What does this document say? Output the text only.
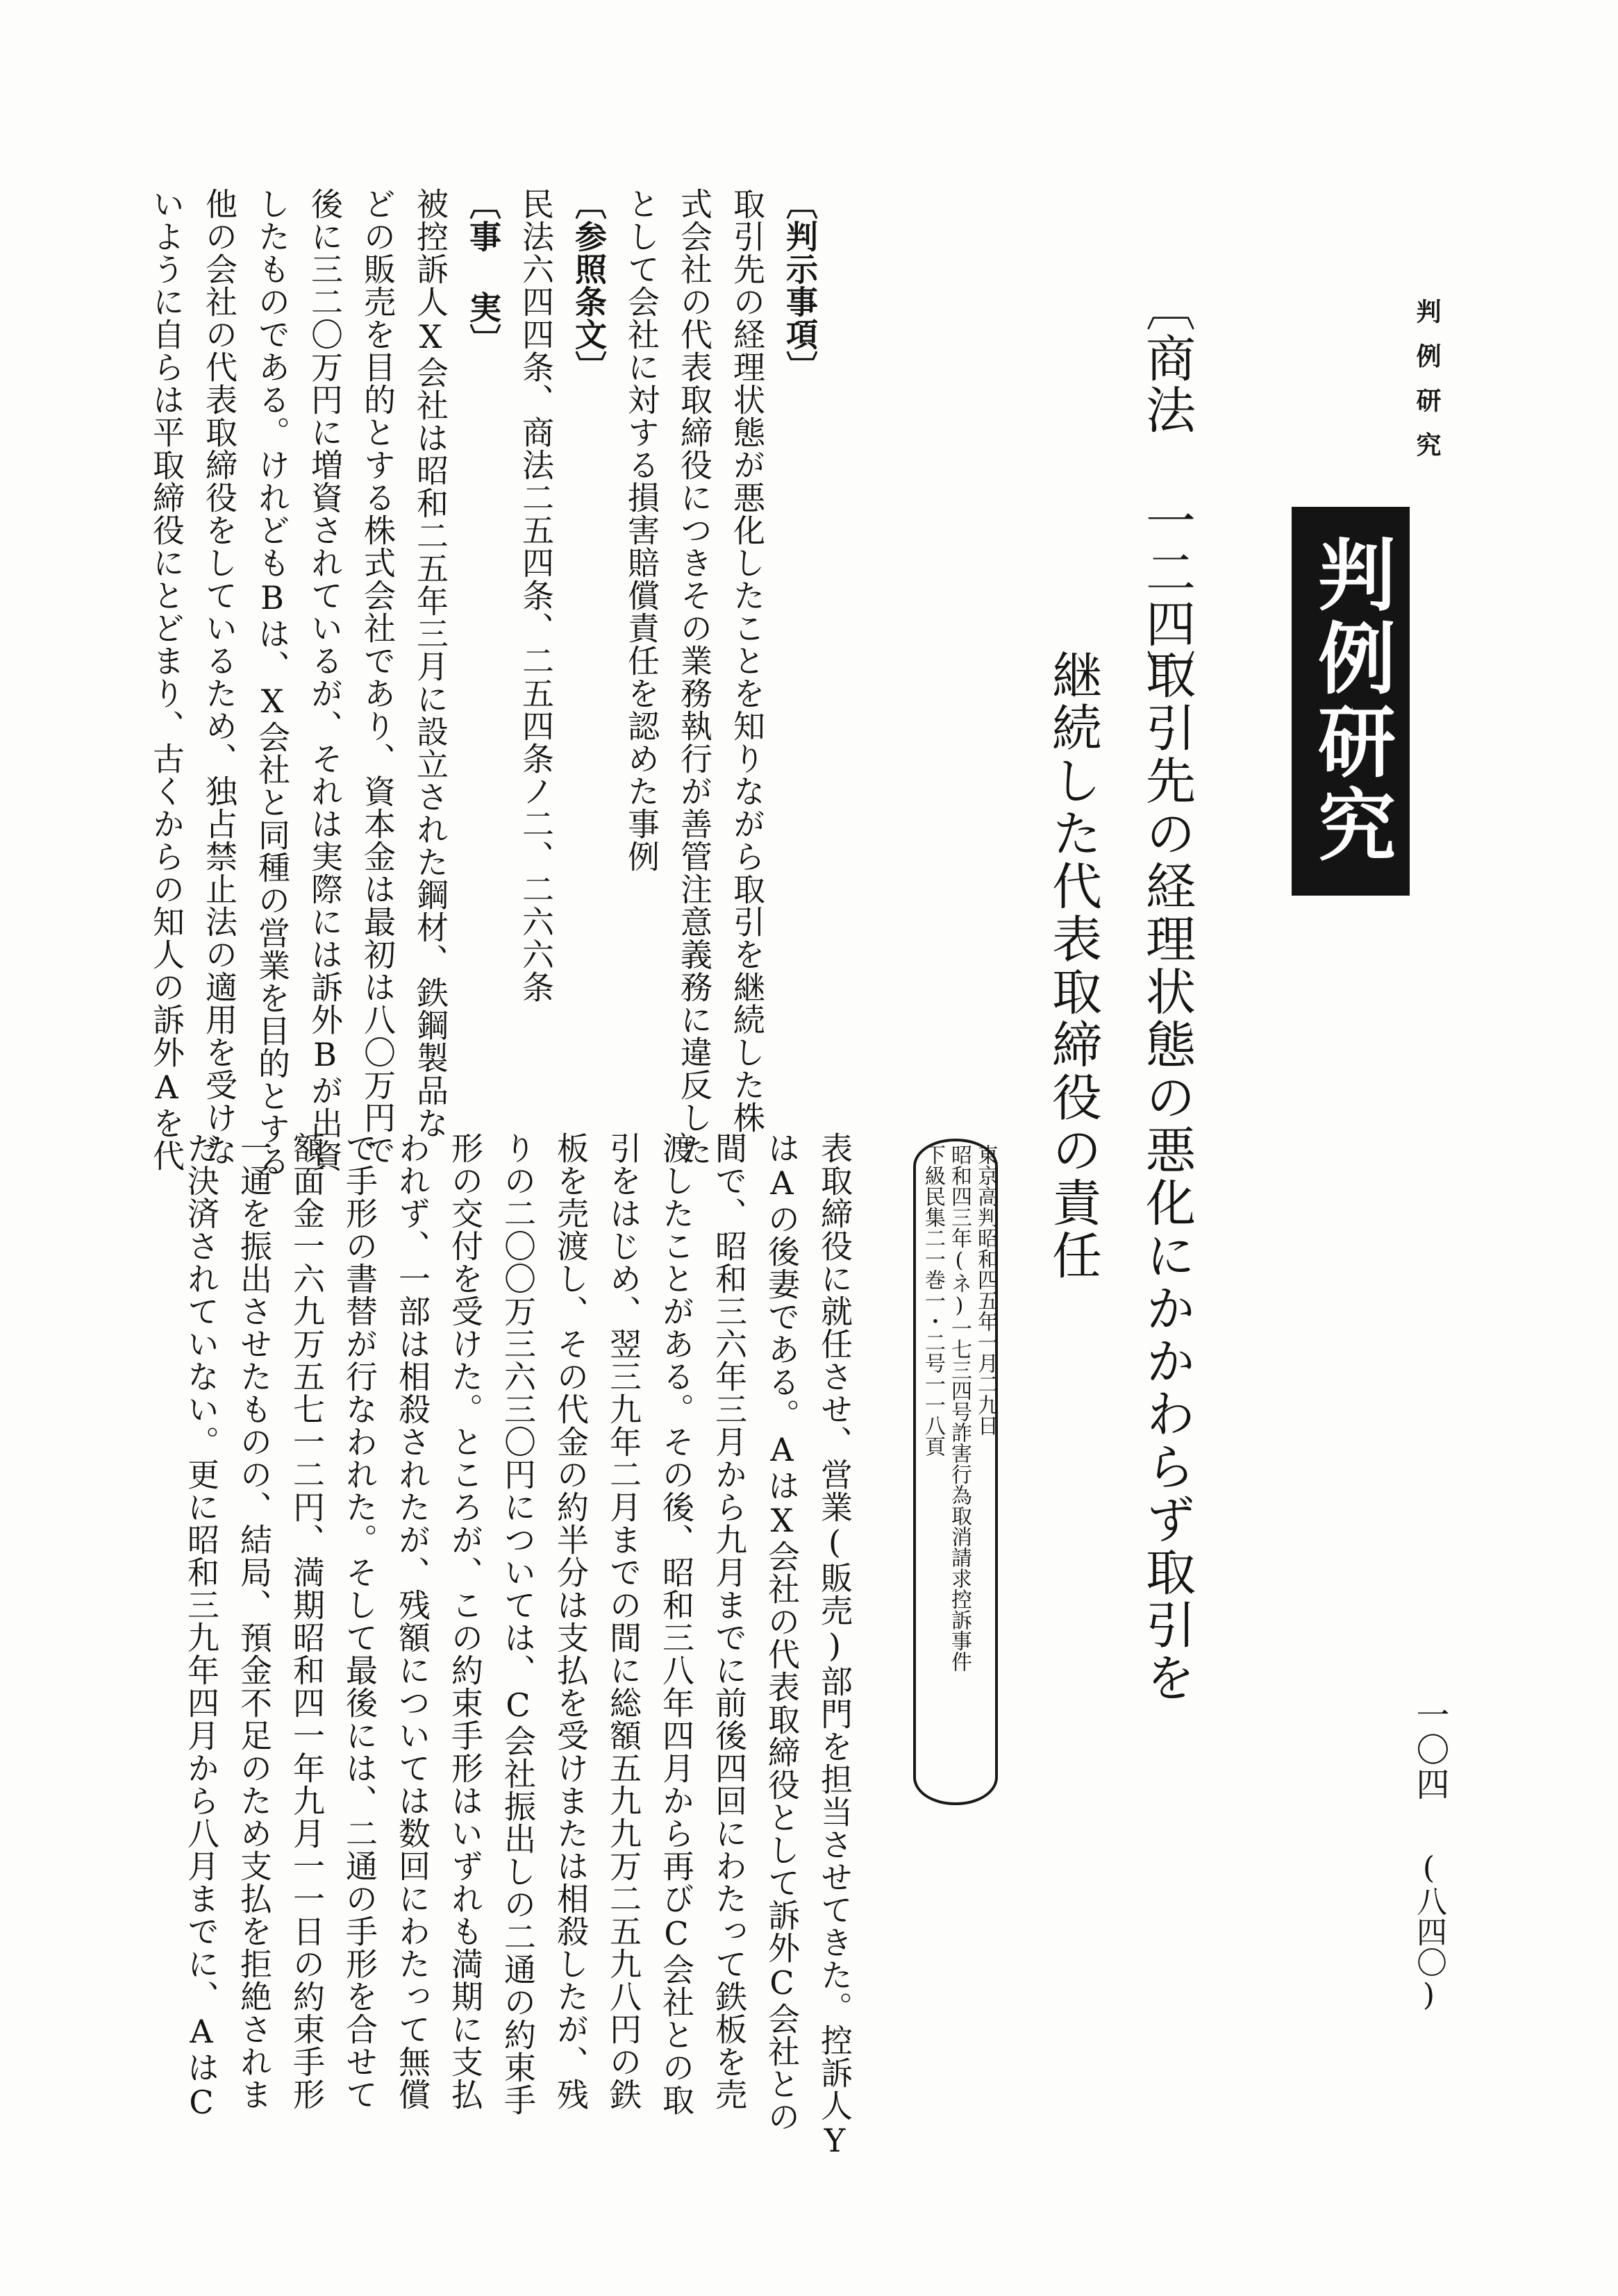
判例研究
一〇四
(八四〇)
判例研究
〔商法 一二四〕
取引先の経理状態の悪化にかかわらず取引を
継続した代表取締役の責任
東京高判昭和四五年一月二九日
昭和四三年(ネ)一七三四号詐害行為取消請求控訴事件
下級民集二一巻一・二号一一八頁
〔判示事項〕
取引先の経理状態が悪化したことを知りながら取引を継続した株
式会社の代表取締役につきその業務執行が善管注意義務に違反した
として会社に対する損害賠償責任を認めた事例
〔参照条文〕
民法六四四条、商法二五四条、二五四条ノ二、二六六条
〔事 実〕
被控訴人X会社は昭和二五年三月に設立された鋼材、鉄鋼製品な
どの販売を目的とする株式会社であり、資本金は最初は八〇万円で
後に三二〇万円に増資されているが、それは実際には訴外Bが出資
したものである。けれどもBは、X会社と同種の営業を目的とする
他の会社の代表取締役をしているため、独占禁止法の適用を受けな
いように自らは平取締役にとどまり、古くからの知人の訴外Aを代
表取締役に就任させ、営業(販売)部門を担当させてきた。控訴人Y
はAの後妻である。AはX会社の代表取締役として訴外C会社との
間で、昭和三六年三月から九月までに前後四回にわたって鉄板を売
渡したことがある。その後、昭和三八年四月から再びC会社との取
引をはじめ、翌三九年二月までの間に総額五九九万二五九八円の鉄
板を売渡し、その代金の約半分は支払を受けまたは相殺したが、残
りの二〇〇万三六三〇円については、C会社振出しの二通の約束手
形の交付を受けた。ところが、この約束手形はいずれも満期に支払
われず、一部は相殺されたが、残額については数回にわたって無償
で手形の書替が行なわれた。そして最後には、二通の手形を合せて
額面金一六九万五七一二円、満期昭和四一年九月一一日の約束手形
一通を振出させたものの、結局、預金不足のため支払を拒絶されま
だ決済されていない。更に昭和三九年四月から八月までに、AはC
